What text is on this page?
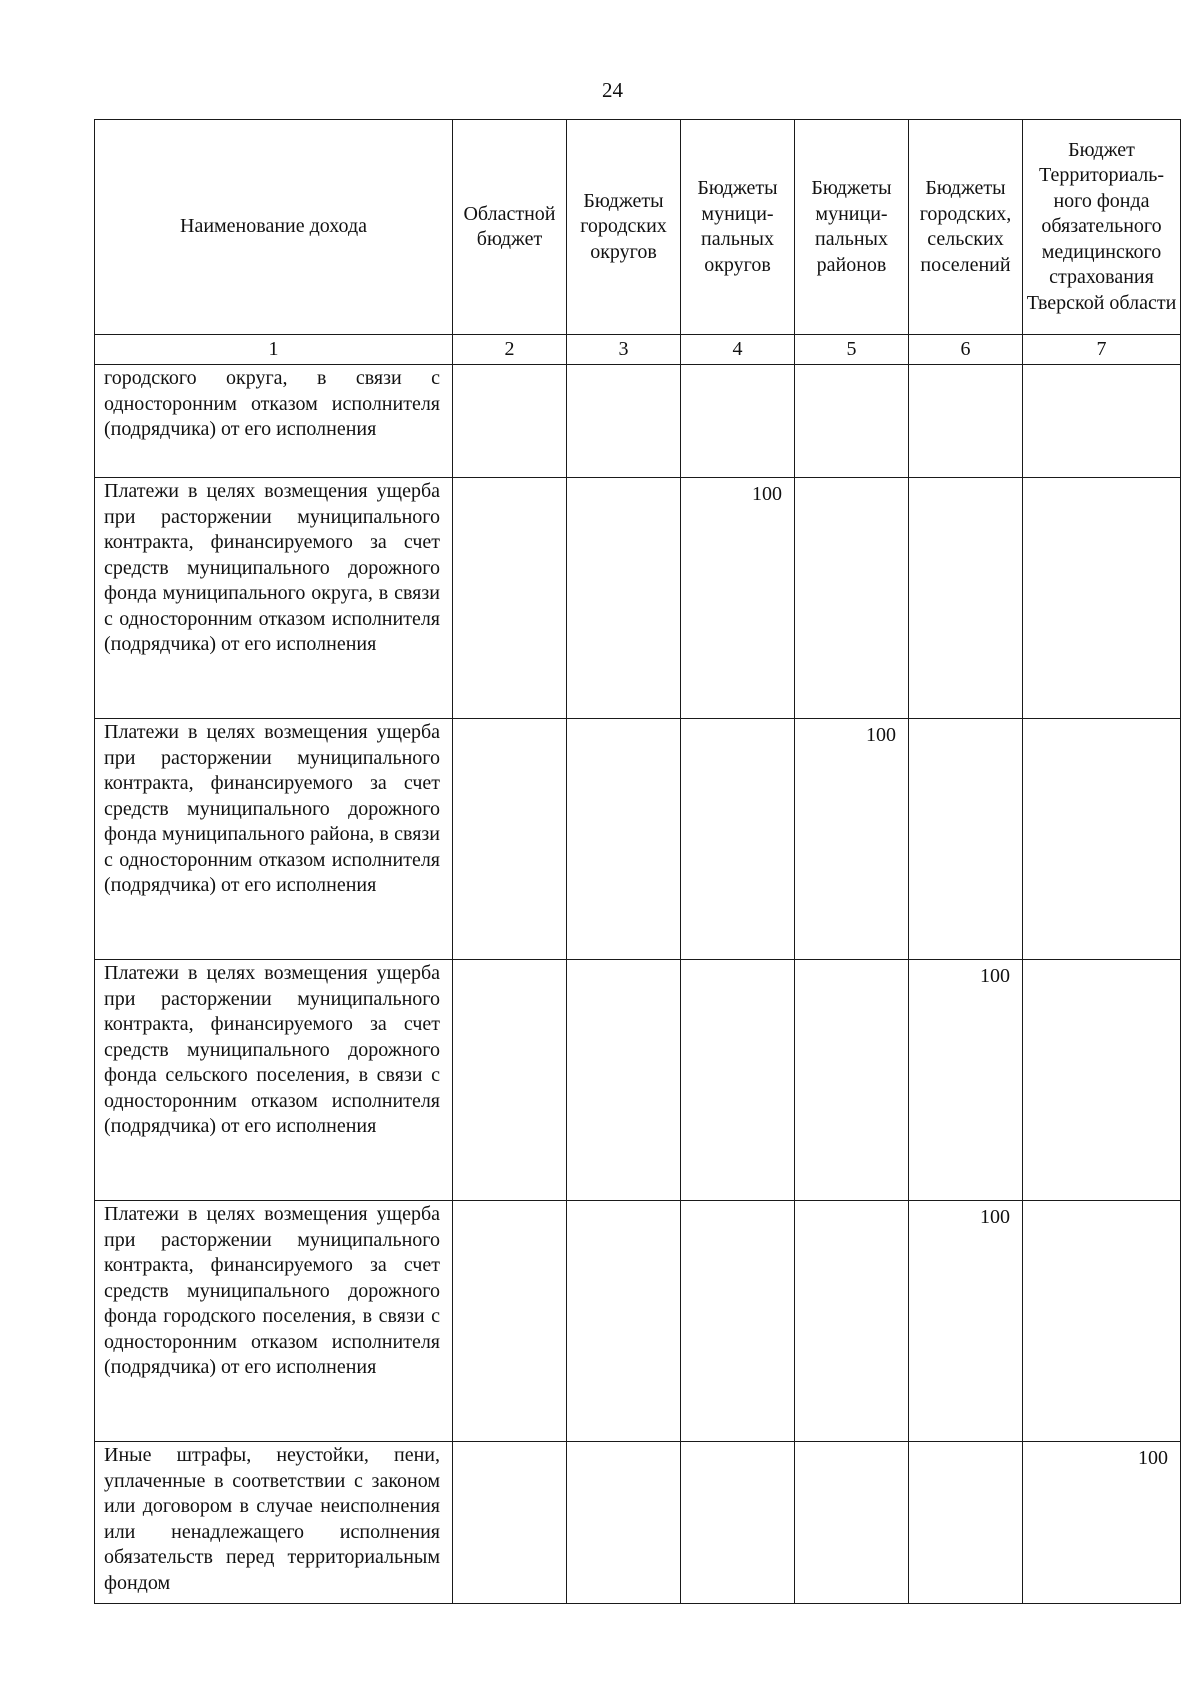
24
Наименование дохода	Областной бюджет	Бюджеты городских округов	Бюджеты муници-пальных округов	Бюджеты муници-пальных районов	Бюджеты городских, сельских поселений	Бюджет Территориаль-ного фонда обязательного медицинского страхования Тверской области

1	2	3	4	5	6	7
городского округа, в связи с односторонним отказом исполнителя (подрядчика) от его исполнения						
Платежи в целях возмещения ущерба при расторжении муниципального контракта, финансируемого за счет средств муниципального дорожного фонда муниципального округа, в связи с односторонним отказом исполнителя (подрядчика) от его исполнения			100			
Платежи в целях возмещения ущерба при расторжении муниципального контракта, финансируемого за счет средств муниципального дорожного фонда муниципального района, в связи с односторонним отказом исполнителя (подрядчика) от его исполнения				100		
Платежи в целях возмещения ущерба при расторжении муниципального контракта, финансируемого за счет средств муниципального дорожного фонда сельского поселения, в связи с односторонним отказом исполнителя (подрядчика) от его исполнения					100	
Платежи в целях возмещения ущерба при расторжении муниципального контракта, финансируемого за счет средств муниципального дорожного фонда городского поселения, в связи с односторонним отказом исполнителя (подрядчика) от его исполнения					100	
Иные штрафы, неустойки, пени, уплаченные в соответствии с законом или договором в случае неисполнения или ненадлежащего исполнения обязательств перед территориальным фондом						100
